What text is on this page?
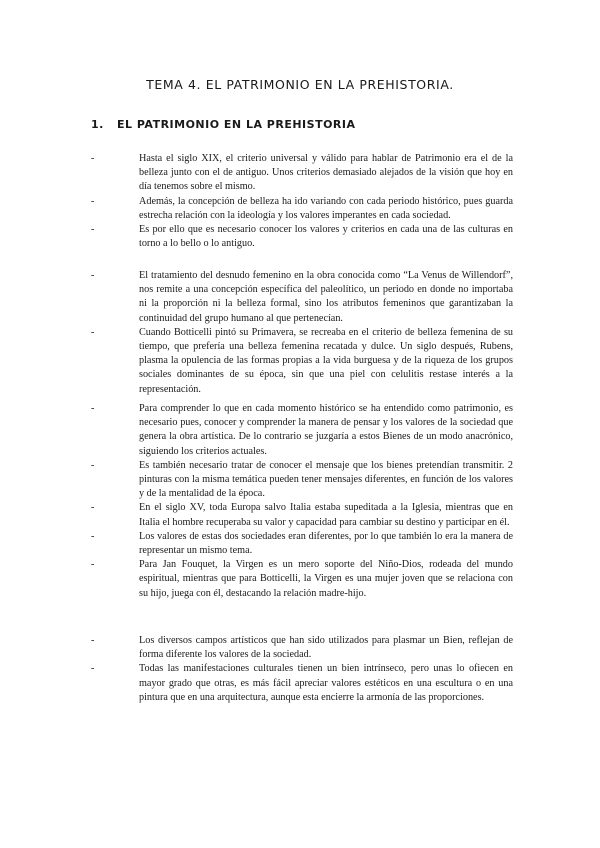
TEMA 4. EL PATRIMONIO EN LA PREHISTORIA.
1. EL PATRIMONIO EN LA PREHISTORIA
-	Hasta el siglo XIX, el criterio universal y válido para hablar de Patrimonio era el de la belleza junto con el de antiguo. Unos criterios demasiado alejados de la visión que hoy en día tenemos sobre el mismo.
-	Además, la concepción de belleza ha ido variando con cada periodo histórico, pues guarda estrecha relación con la ideología y los valores imperantes en cada sociedad.
-	Es por ello que es necesario conocer los valores y criterios en cada una de las culturas en torno a lo bello o lo antiguo.
-	El tratamiento del desnudo femenino en la obra conocida como “La Venus de Willendorf”, nos remite a una concepción específica del paleolítico, un periodo en donde no importaba ni la proporción ni la belleza formal, sino los atributos femeninos que garantizaban la continuidad del grupo humano al que pertenecían.
-	Cuando Botticelli pintó su Primavera, se recreaba en el criterio de belleza femenina de su tiempo, que prefería una belleza femenina recatada y dulce. Un siglo después, Rubens, plasma la opulencia de las formas propias a la vida burguesa y de la riqueza de los grupos sociales dominantes de su época, sin que una piel con celulitis restase interés a la representación.
-	Para comprender lo que en cada momento histórico se ha entendido como patrimonio, es necesario pues, conocer y comprender la manera de pensar y los valores de la sociedad que genera la obra artística. De lo contrario se juzgaría a estos Bienes de un modo anacrónico, siguiendo los criterios actuales.
-	Es también necesario tratar de conocer el mensaje que los bienes pretendían transmitir. 2 pinturas con la misma temática pueden tener mensajes diferentes, en función de los valores y de la mentalidad de la época.
-	En el siglo XV, toda Europa salvo Italia estaba supeditada a la Iglesia, mientras que en Italia el hombre recuperaba su valor y capacidad para cambiar su destino y participar en él.
-	Los valores de estas dos sociedades eran diferentes, por lo que también lo era la manera de representar un mismo tema.
-	Para Jan Fouquet, la Virgen es un mero soporte del Niño-Dios, rodeada del mundo espiritual, mientras que para Botticelli, la Virgen es una mujer joven que se relaciona con su hijo, juega con él, destacando la relación madre-hijo.
-	Los diversos campos artísticos que han sido utilizados para plasmar un Bien, reflejan de forma diferente los valores de la sociedad.
-	Todas las manifestaciones culturales tienen un bien intrínseco, pero unas lo ofiecen en mayor grado que otras, es más fácil apreciar valores estéticos en una escultura o en una pintura que en una arquitectura, aunque esta encierre la armonía de las proporciones.
